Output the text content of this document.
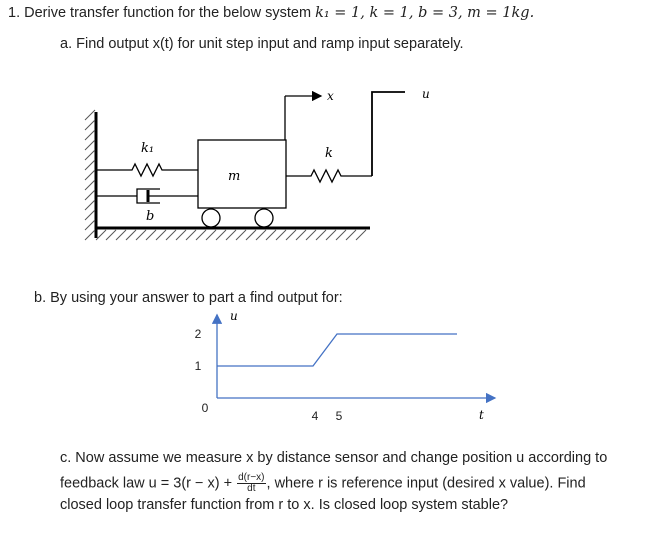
1. Derive transfer function for the below system k₁ = 1, k = 1, b = 3, m = 1kg.
a. Find output x(t) for unit step input and ramp input separately.
k₁
b
m
x
k
u
b. By using your answer to part a find output for:
u
t
0
4 5
1
2
c. Now assume we measure x by distance sensor and change position u according to
feedback law $u = 3(r - x) + \frac{d(r-x)}{dt}$ , where r is reference input (desired x value). Find
closed loop transfer function from r to x. Is closed loop system stable?
